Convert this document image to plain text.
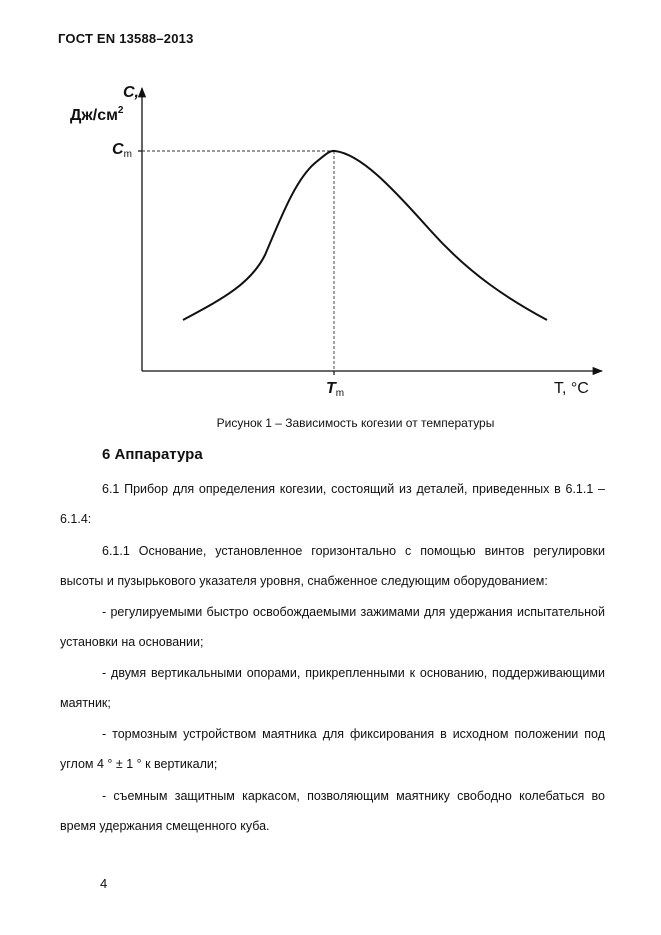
ГОСТ EN 13588–2013
C,
$Дж/см^2$
$C_m$
$T_m$	T, °C
Рисунок 1 – Зависимость когезии от температуры
6 Аппаратура

6.1 Прибор для определения когезии, состоящий из деталей, приведенных в 6.1.1 – 6.1.4:

6.1.1 Основание, установленное горизонтально с помощью винтов регулировки высоты и пузырькового указателя уровня, снабженное следующим оборудованием:

- регулируемыми быстро освобождаемыми зажимами для удержания испытательной установки на основании;

- двумя вертикальными опорами, прикрепленными к основанию, поддерживающими маятник;

- тормозным устройством маятника для фиксирования в исходном положении под углом 4 ° ± 1 ° к вертикали;

- съемным защитным каркасом, позволяющим маятнику свободно колебаться во время удержания смещенного куба.

4
